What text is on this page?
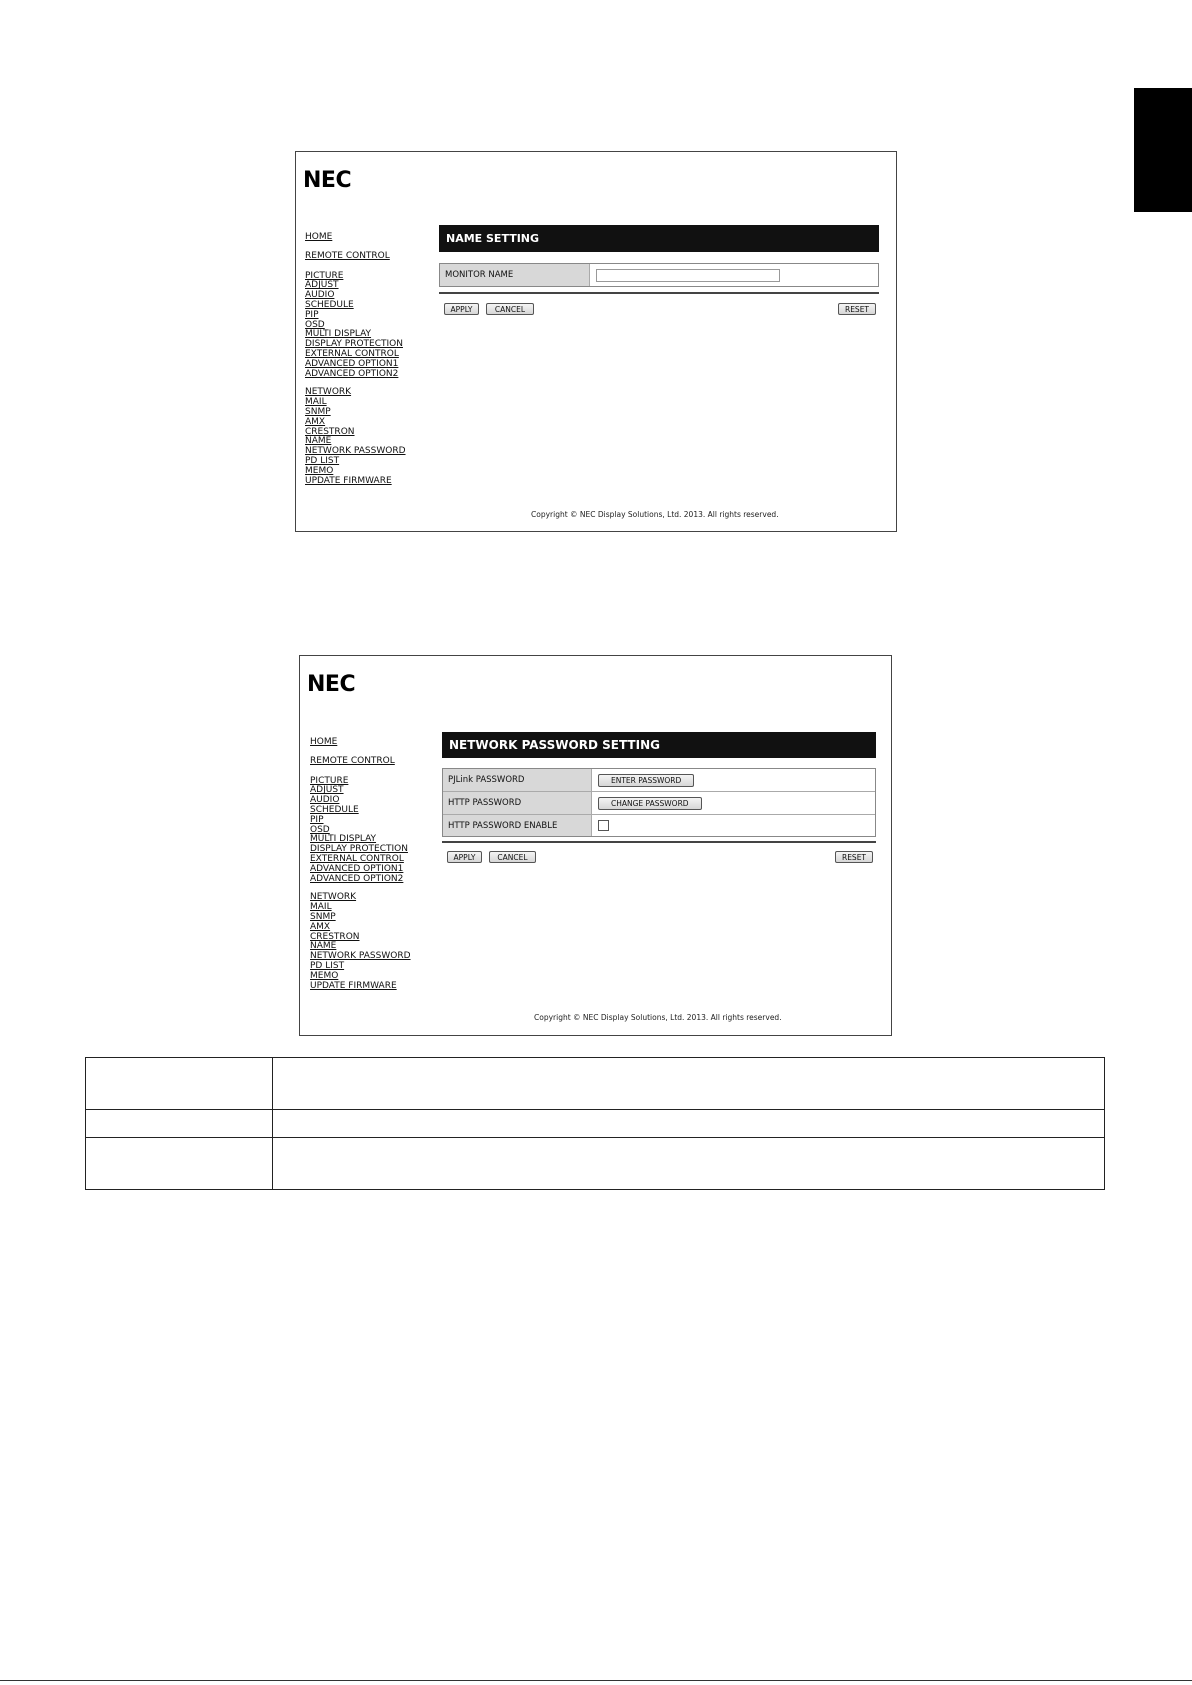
NEC
HOME
REMOTE CONTROL
PICTURE
ADJUST
AUDIO
SCHEDULE
PIP
OSD
MULTI DISPLAY
DISPLAY PROTECTION
EXTERNAL CONTROL
ADVANCED OPTION1
ADVANCED OPTION2
NETWORK
MAIL
SNMP
AMX
CRESTRON
NAME
NETWORK PASSWORD
PD LIST
MEMO
UPDATE FIRMWARE
NAME SETTING
MONITOR NAME
APPLY	CANCEL	RESET
Copyright © NEC Display Solutions, Ltd. 2013. All rights reserved.
NEC
HOME
REMOTE CONTROL
PICTURE
ADJUST
AUDIO
SCHEDULE
PIP
OSD
MULTI DISPLAY
DISPLAY PROTECTION
EXTERNAL CONTROL
ADVANCED OPTION1
ADVANCED OPTION2
NETWORK
MAIL
SNMP
AMX
CRESTRON
NAME
NETWORK PASSWORD
PD LIST
MEMO
UPDATE FIRMWARE
NETWORK PASSWORD SETTING
PJLink PASSWORD	ENTER PASSWORD
HTTP PASSWORD	CHANGE PASSWORD
HTTP PASSWORD ENABLE
APPLY	CANCEL	RESET
Copyright © NEC Display Solutions, Ltd. 2013. All rights reserved.
